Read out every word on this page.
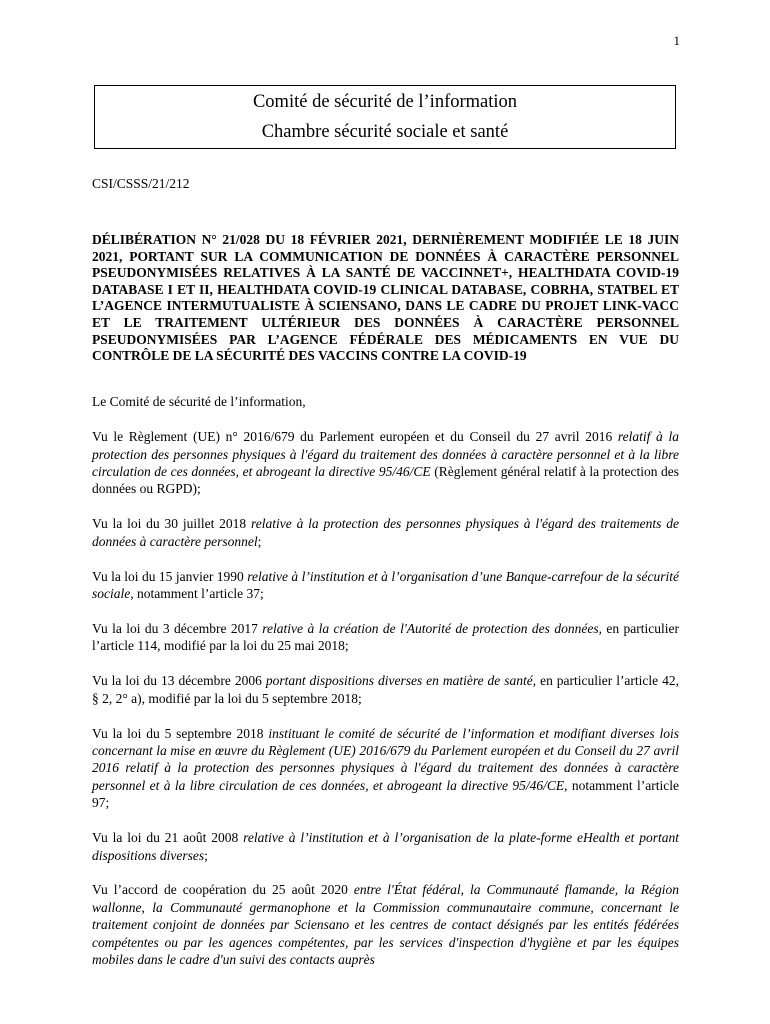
1
Comité de sécurité de l’information
Chambre sécurité sociale et santé
CSI/CSSS/21/212
DÉLIBÉRATION N° 21/028 DU 18 FÉVRIER 2021, DERNIÈREMENT MODIFIÉE LE 18 JUIN 2021, PORTANT SUR LA COMMUNICATION DE DONNÉES À CARACTÈRE PERSONNEL PSEUDONYMISÉES RELATIVES À LA SANTÉ DE VACCINNET+, HEALTHDATA COVID-19 DATABASE I ET II, HEALTHDATA COVID-19 CLINICAL DATABASE, COBRHA, STATBEL ET L’AGENCE INTERMUTUALISTE À SCIENSANO, DANS LE CADRE DU PROJET LINK-VACC ET LE TRAITEMENT ULTÉRIEUR DES DONNÉES À CARACTÈRE PERSONNEL PSEUDONYMISÉES PAR L’AGENCE FÉDÉRALE DES MÉDICAMENTS EN VUE DU CONTRÔLE DE LA SÉCURITÉ DES VACCINS CONTRE LA COVID-19

Le Comité de sécurité de l’information,

Vu le Règlement (UE) n° 2016/679 du Parlement européen et du Conseil du 27 avril 2016 relatif à la protection des personnes physiques à l'égard du traitement des données à caractère personnel et à la libre circulation de ces données, et abrogeant la directive 95/46/CE (Règlement général relatif à la protection des données ou RGPD);

Vu la loi du 30 juillet 2018 relative à la protection des personnes physiques à l'égard des traitements de données à caractère personnel;

Vu la loi du 15 janvier 1990 relative à l’institution et à l’organisation d’une Banque-carrefour de la sécurité sociale, notamment l’article 37;

Vu la loi du 3 décembre 2017 relative à la création de l'Autorité de protection des données, en particulier l’article 114, modifié par la loi du 25 mai 2018;

Vu la loi du 13 décembre 2006 portant dispositions diverses en matière de santé, en particulier l’article 42, § 2, 2° a), modifié par la loi du 5 septembre 2018;

Vu la loi du 5 septembre 2018 instituant le comité de sécurité de l’information et modifiant diverses lois concernant la mise en œuvre du Règlement (UE) 2016/679 du Parlement européen et du Conseil du 27 avril 2016 relatif à la protection des personnes physiques à l'égard du traitement des données à caractère personnel et à la libre circulation de ces données, et abrogeant la directive 95/46/CE, notamment l’article 97;

Vu la loi du 21 août 2008 relative à l’institution et à l’organisation de la plate-forme eHealth et portant dispositions diverses;

Vu l’accord de coopération du 25 août 2020 entre l'État fédéral, la Communauté flamande, la Région wallonne, la Communauté germanophone et la Commission communautaire commune, concernant le traitement conjoint de données par Sciensano et les centres de contact désignés par les entités fédérées compétentes ou par les agences compétentes, par les services d'inspection d'hygiène et par les équipes mobiles dans le cadre d'un suivi des contacts auprès
